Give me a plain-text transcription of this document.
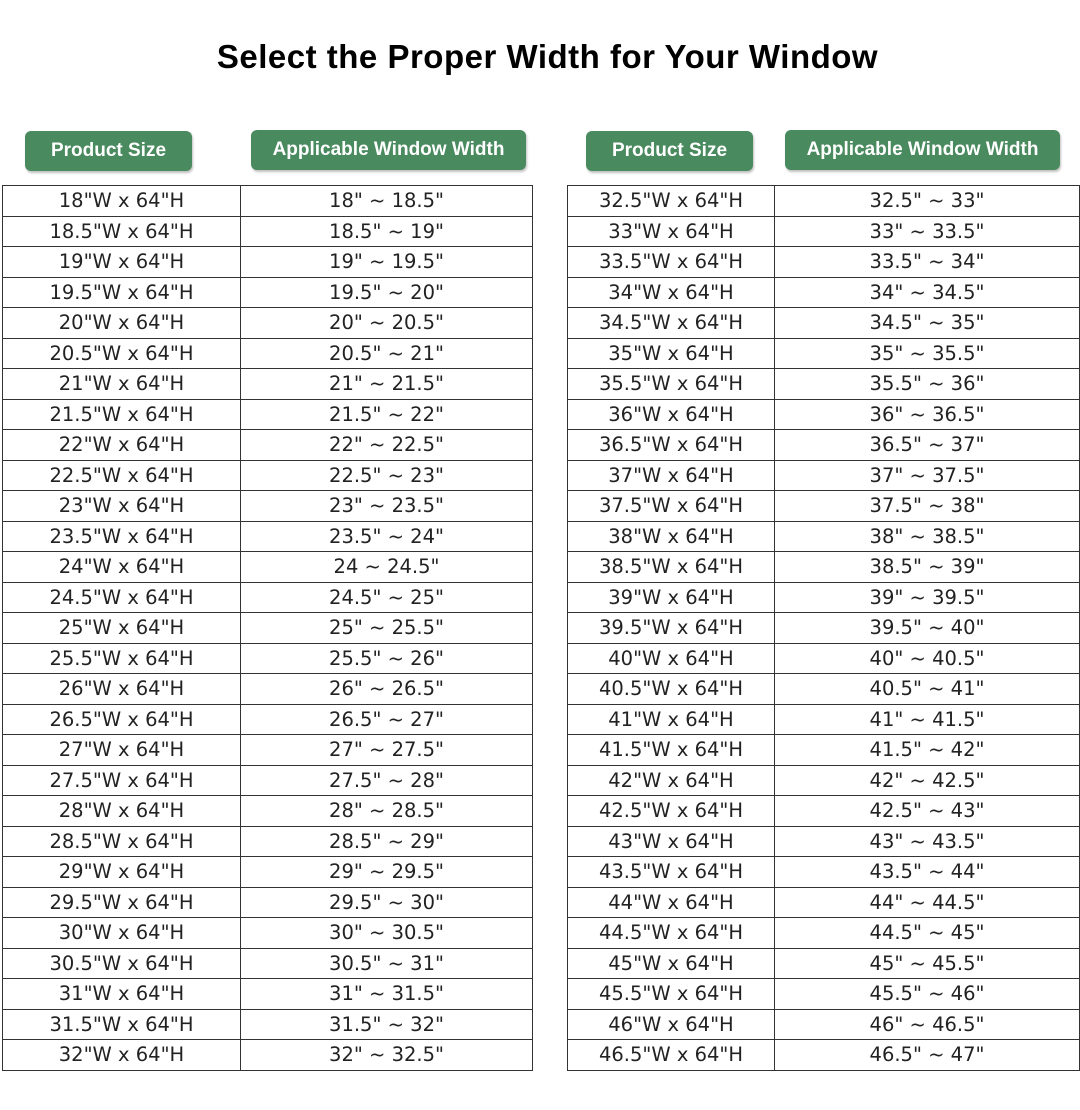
Select the Proper Width for Your Window
Product Size	Applicable Window Width	Product Size	Applicable Window Width
18"W x 64"H	18" ~ 18.5"
18.5"W x 64"H	18.5" ~ 19"
19"W x 64"H	19" ~ 19.5"
19.5"W x 64"H	19.5" ~ 20"
20"W x 64"H	20" ~ 20.5"
20.5"W x 64"H	20.5" ~ 21"
21"W x 64"H	21" ~ 21.5"
21.5"W x 64"H	21.5" ~ 22"
22"W x 64"H	22" ~ 22.5"
22.5"W x 64"H	22.5" ~ 23"
23"W x 64"H	23" ~ 23.5"
23.5"W x 64"H	23.5" ~ 24"
24"W x 64"H	24 ~ 24.5"
24.5"W x 64"H	24.5" ~ 25"
25"W x 64"H	25" ~ 25.5"
25.5"W x 64"H	25.5" ~ 26"
26"W x 64"H	26" ~ 26.5"
26.5"W x 64"H	26.5" ~ 27"
27"W x 64"H	27" ~ 27.5"
27.5"W x 64"H	27.5" ~ 28"
28"W x 64"H	28" ~ 28.5"
28.5"W x 64"H	28.5" ~ 29"
29"W x 64"H	29" ~ 29.5"
29.5"W x 64"H	29.5" ~ 30"
30"W x 64"H	30" ~ 30.5"
30.5"W x 64"H	30.5" ~ 31"
31"W x 64"H	31" ~ 31.5"
31.5"W x 64"H	31.5" ~ 32"
32"W x 64"H	32" ~ 32.5"
32.5"W x 64"H	32.5" ~ 33"
33"W x 64"H	33" ~ 33.5"
33.5"W x 64"H	33.5" ~ 34"
34"W x 64"H	34" ~ 34.5"
34.5"W x 64"H	34.5" ~ 35"
35"W x 64"H	35" ~ 35.5"
35.5"W x 64"H	35.5" ~ 36"
36"W x 64"H	36" ~ 36.5"
36.5"W x 64"H	36.5" ~ 37"
37"W x 64"H	37" ~ 37.5"
37.5"W x 64"H	37.5" ~ 38"
38"W x 64"H	38" ~ 38.5"
38.5"W x 64"H	38.5" ~ 39"
39"W x 64"H	39" ~ 39.5"
39.5"W x 64"H	39.5" ~ 40"
40"W x 64"H	40" ~ 40.5"
40.5"W x 64"H	40.5" ~ 41"
41"W x 64"H	41" ~ 41.5"
41.5"W x 64"H	41.5" ~ 42"
42"W x 64"H	42" ~ 42.5"
42.5"W x 64"H	42.5" ~ 43"
43"W x 64"H	43" ~ 43.5"
43.5"W x 64"H	43.5" ~ 44"
44"W x 64"H	44" ~ 44.5"
44.5"W x 64"H	44.5" ~ 45"
45"W x 64"H	45" ~ 45.5"
45.5"W x 64"H	45.5" ~ 46"
46"W x 64"H	46" ~ 46.5"
46.5"W x 64"H	46.5" ~ 47"
